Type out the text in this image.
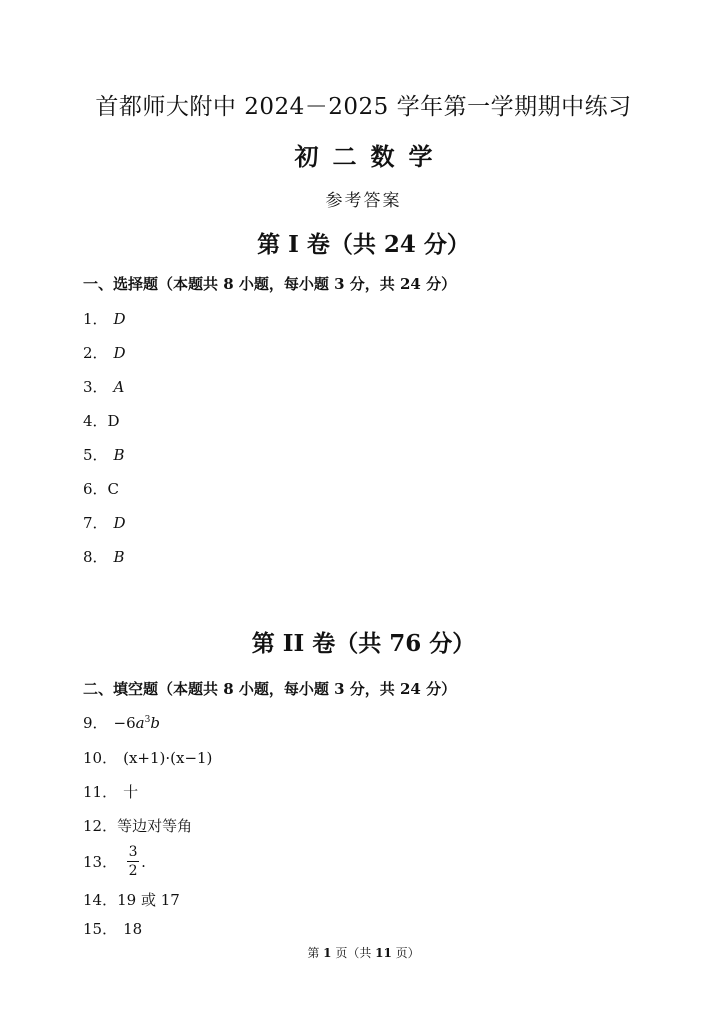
首都师大附中 2024－2025 学年第一学期期中练习
初二数学
参考答案
第 I 卷（共 24 分）
一、选择题（本题共 8 小题，每小题 3 分，共 24 分）
1． D
2． D
3． A
4．D
5． B
6．C
7． D
8． B
第 II 卷（共 76 分）
二、填空题（本题共 8 小题，每小题 3 分，共 24 分）
9． $-6a^3b$
10． (x+1)·(x−1)
11． 十
12．等边对等角
13． $\frac{3}{2}$ .
14．19 或 17
15． 18
第 1 页（共 11 页）
